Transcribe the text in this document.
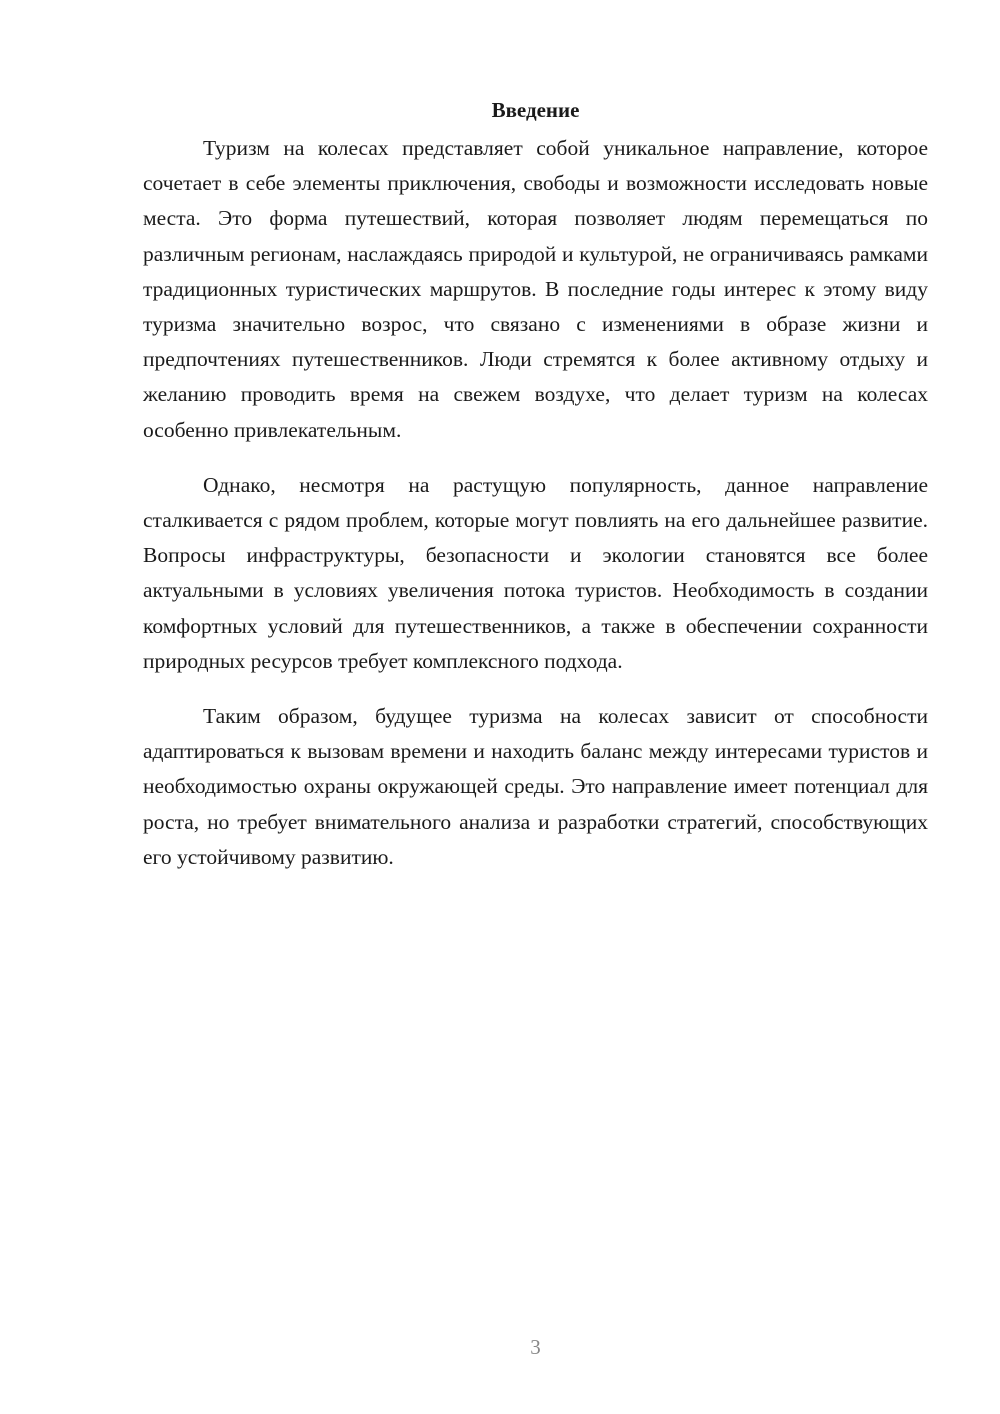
Введение

Туризм на колесах представляет собой уникальное направление, которое сочетает в себе элементы приключения, свободы и возможности исследовать новые места. Это форма путешествий, которая позволяет людям перемещаться по различным регионам, наслаждаясь природой и культурой, не ограничиваясь рамками традиционных туристических маршрутов. В последние годы интерес к этому виду туризма значительно возрос, что связано с изменениями в образе жизни и предпочтениях путешественников. Люди стремятся к более активному отдыху и желанию проводить время на свежем воздухе, что делает туризм на колесах особенно привлекательным.

Однако, несмотря на растущую популярность, данное направление сталкивается с рядом проблем, которые могут повлиять на его дальнейшее развитие. Вопросы инфраструктуры, безопасности и экологии становятся все более актуальными в условиях увеличения потока туристов. Необходимость в создании комфортных условий для путешественников, а также в обеспечении сохранности природных ресурсов требует комплексного подхода.

Таким образом, будущее туризма на колесах зависит от способности адаптироваться к вызовам времени и находить баланс между интересами туристов и необходимостью охраны окружающей среды. Это направление имеет потенциал для роста, но требует внимательного анализа и разработки стратегий, способствующих его устойчивому развитию.

3
